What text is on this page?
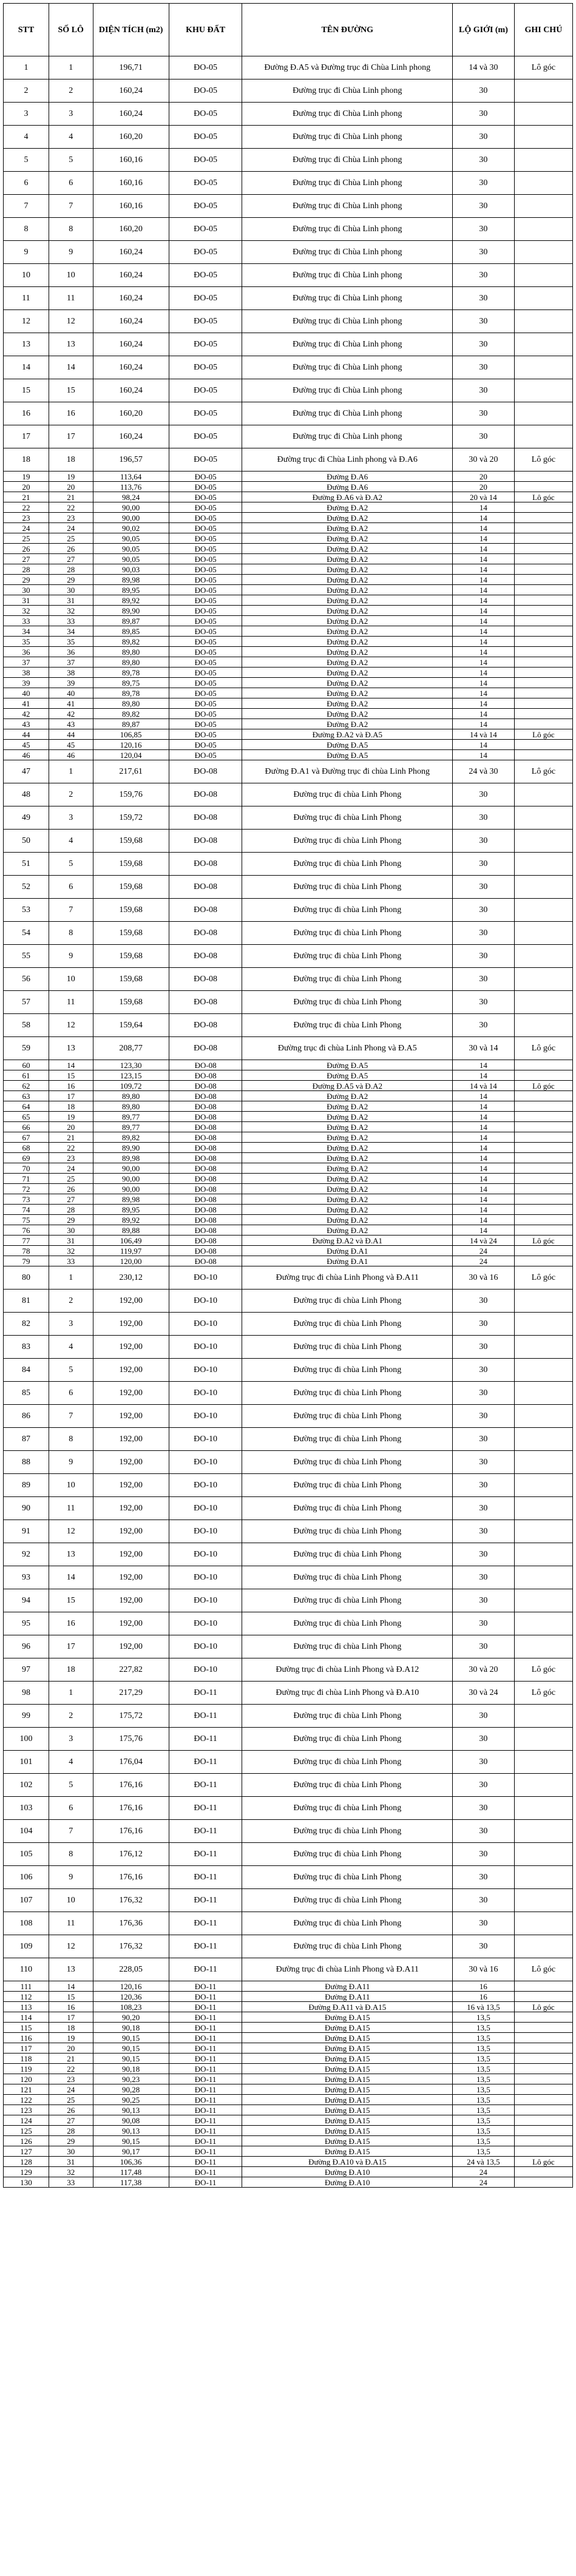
STT	SỐ LÔ	DIỆN TÍCH (m2)	KHU ĐẤT	TÊN ĐƯỜNG	LỘ GIỚI (m)	GHI CHÚ
1	1	196,71	ĐO-05	Đường Đ.A5 và Đường trục đi Chùa Linh phong	14 và 30	Lô góc
2	2	160,24	ĐO-05	Đường trục đi Chùa Linh phong	30	
3	3	160,24	ĐO-05	Đường trục đi Chùa Linh phong	30	
4	4	160,20	ĐO-05	Đường trục đi Chùa Linh phong	30	
5	5	160,16	ĐO-05	Đường trục đi Chùa Linh phong	30	
6	6	160,16	ĐO-05	Đường trục đi Chùa Linh phong	30	
7	7	160,16	ĐO-05	Đường trục đi Chùa Linh phong	30	
8	8	160,20	ĐO-05	Đường trục đi Chùa Linh phong	30	
9	9	160,24	ĐO-05	Đường trục đi Chùa Linh phong	30	
10	10	160,24	ĐO-05	Đường trục đi Chùa Linh phong	30	
11	11	160,24	ĐO-05	Đường trục đi Chùa Linh phong	30	
12	12	160,24	ĐO-05	Đường trục đi Chùa Linh phong	30	
13	13	160,24	ĐO-05	Đường trục đi Chùa Linh phong	30	
14	14	160,24	ĐO-05	Đường trục đi Chùa Linh phong	30	
15	15	160,24	ĐO-05	Đường trục đi Chùa Linh phong	30	
16	16	160,20	ĐO-05	Đường trục đi Chùa Linh phong	30	
17	17	160,24	ĐO-05	Đường trục đi Chùa Linh phong	30	
18	18	196,57	ĐO-05	Đường trục đi Chùa Linh phong và Đ.A6	30 và 20	Lô góc
19	19	113,64	ĐO-05	Đường Đ.A6	20	
20	20	113,76	ĐO-05	Đường Đ.A6	20	
21	21	98,24	ĐO-05	Đường Đ.A6 và Đ.A2	20 và 14	Lô góc
22	22	90,00	ĐO-05	Đường Đ.A2	14	
23	23	90,00	ĐO-05	Đường Đ.A2	14	
24	24	90,02	ĐO-05	Đường Đ.A2	14	
25	25	90,05	ĐO-05	Đường Đ.A2	14	
26	26	90,05	ĐO-05	Đường Đ.A2	14	
27	27	90,05	ĐO-05	Đường Đ.A2	14	
28	28	90,03	ĐO-05	Đường Đ.A2	14	
29	29	89,98	ĐO-05	Đường Đ.A2	14	
30	30	89,95	ĐO-05	Đường Đ.A2	14	
31	31	89,92	ĐO-05	Đường Đ.A2	14	
32	32	89,90	ĐO-05	Đường Đ.A2	14	
33	33	89,87	ĐO-05	Đường Đ.A2	14	
34	34	89,85	ĐO-05	Đường Đ.A2	14	
35	35	89,82	ĐO-05	Đường Đ.A2	14	
36	36	89,80	ĐO-05	Đường Đ.A2	14	
37	37	89,80	ĐO-05	Đường Đ.A2	14	
38	38	89,78	ĐO-05	Đường Đ.A2	14	
39	39	89,75	ĐO-05	Đường Đ.A2	14	
40	40	89,78	ĐO-05	Đường Đ.A2	14	
41	41	89,80	ĐO-05	Đường Đ.A2	14	
42	42	89,82	ĐO-05	Đường Đ.A2	14	
43	43	89,87	ĐO-05	Đường Đ.A2	14	
44	44	106,85	ĐO-05	Đường Đ.A2 và Đ.A5	14 và 14	Lô góc
45	45	120,16	ĐO-05	Đường Đ.A5	14	
46	46	120,04	ĐO-05	Đường Đ.A5	14	
47	1	217,61	ĐO-08	Đường Đ.A1 và Đường trục đi chùa Linh Phong	24 và 30	Lô góc
48	2	159,76	ĐO-08	Đường trục đi chùa Linh Phong	30	
49	3	159,72	ĐO-08	Đường trục đi chùa Linh Phong	30	
50	4	159,68	ĐO-08	Đường trục đi chùa Linh Phong	30	
51	5	159,68	ĐO-08	Đường trục đi chùa Linh Phong	30	
52	6	159,68	ĐO-08	Đường trục đi chùa Linh Phong	30	
53	7	159,68	ĐO-08	Đường trục đi chùa Linh Phong	30	
54	8	159,68	ĐO-08	Đường trục đi chùa Linh Phong	30	
55	9	159,68	ĐO-08	Đường trục đi chùa Linh Phong	30	
56	10	159,68	ĐO-08	Đường trục đi chùa Linh Phong	30	
57	11	159,68	ĐO-08	Đường trục đi chùa Linh Phong	30	
58	12	159,64	ĐO-08	Đường trục đi chùa Linh Phong	30	
59	13	208,77	ĐO-08	Đường trục đi chùa Linh Phong và Đ.A5	30 và 14	Lô góc
60	14	123,30	ĐO-08	Đường Đ.A5	14	
61	15	123,15	ĐO-08	Đường Đ.A5	14	
62	16	109,72	ĐO-08	Đường Đ.A5 và Đ.A2	14 và 14	Lô góc
63	17	89,80	ĐO-08	Đường Đ.A2	14	
64	18	89,80	ĐO-08	Đường Đ.A2	14	
65	19	89,77	ĐO-08	Đường Đ.A2	14	
66	20	89,77	ĐO-08	Đường Đ.A2	14	
67	21	89,82	ĐO-08	Đường Đ.A2	14	
68	22	89,90	ĐO-08	Đường Đ.A2	14	
69	23	89,98	ĐO-08	Đường Đ.A2	14	
70	24	90,00	ĐO-08	Đường Đ.A2	14	
71	25	90,00	ĐO-08	Đường Đ.A2	14	
72	26	90,00	ĐO-08	Đường Đ.A2	14	
73	27	89,98	ĐO-08	Đường Đ.A2	14	
74	28	89,95	ĐO-08	Đường Đ.A2	14	
75	29	89,92	ĐO-08	Đường Đ.A2	14	
76	30	89,88	ĐO-08	Đường Đ.A2	14	
77	31	106,49	ĐO-08	Đường Đ.A2 và Đ.A1	14 và 24	Lô góc
78	32	119,97	ĐO-08	Đường Đ.A1	24	
79	33	120,00	ĐO-08	Đường Đ.A1	24	
80	1	230,12	ĐO-10	Đường trục đi chùa Linh Phong và Đ.A11	30 và 16	Lô góc
81	2	192,00	ĐO-10	Đường trục đi chùa Linh Phong	30	
82	3	192,00	ĐO-10	Đường trục đi chùa Linh Phong	30	
83	4	192,00	ĐO-10	Đường trục đi chùa Linh Phong	30	
84	5	192,00	ĐO-10	Đường trục đi chùa Linh Phong	30	
85	6	192,00	ĐO-10	Đường trục đi chùa Linh Phong	30	
86	7	192,00	ĐO-10	Đường trục đi chùa Linh Phong	30	
87	8	192,00	ĐO-10	Đường trục đi chùa Linh Phong	30	
88	9	192,00	ĐO-10	Đường trục đi chùa Linh Phong	30	
89	10	192,00	ĐO-10	Đường trục đi chùa Linh Phong	30	
90	11	192,00	ĐO-10	Đường trục đi chùa Linh Phong	30	
91	12	192,00	ĐO-10	Đường trục đi chùa Linh Phong	30	
92	13	192,00	ĐO-10	Đường trục đi chùa Linh Phong	30	
93	14	192,00	ĐO-10	Đường trục đi chùa Linh Phong	30	
94	15	192,00	ĐO-10	Đường trục đi chùa Linh Phong	30	
95	16	192,00	ĐO-10	Đường trục đi chùa Linh Phong	30	
96	17	192,00	ĐO-10	Đường trục đi chùa Linh Phong	30	
97	18	227,82	ĐO-10	Đường trục đi chùa Linh Phong và Đ.A12	30 và 20	Lô góc
98	1	217,29	ĐO-11	Đường trục đi chùa Linh Phong và Đ.A10	30 và 24	Lô góc
99	2	175,72	ĐO-11	Đường trục đi chùa Linh Phong	30	
100	3	175,76	ĐO-11	Đường trục đi chùa Linh Phong	30	
101	4	176,04	ĐO-11	Đường trục đi chùa Linh Phong	30	
102	5	176,16	ĐO-11	Đường trục đi chùa Linh Phong	30	
103	6	176,16	ĐO-11	Đường trục đi chùa Linh Phong	30	
104	7	176,16	ĐO-11	Đường trục đi chùa Linh Phong	30	
105	8	176,12	ĐO-11	Đường trục đi chùa Linh Phong	30	
106	9	176,16	ĐO-11	Đường trục đi chùa Linh Phong	30	
107	10	176,32	ĐO-11	Đường trục đi chùa Linh Phong	30	
108	11	176,36	ĐO-11	Đường trục đi chùa Linh Phong	30	
109	12	176,32	ĐO-11	Đường trục đi chùa Linh Phong	30	
110	13	228,05	ĐO-11	Đường trục đi chùa Linh Phong và Đ.A11	30 và 16	Lô góc
111	14	120,16	ĐO-11	Đường Đ.A11	16	
112	15	120,36	ĐO-11	Đường Đ.A11	16	
113	16	108,23	ĐO-11	Đường Đ.A11 và Đ.A15	16 và 13,5	Lô góc
114	17	90,20	ĐO-11	Đường Đ.A15	13,5	
115	18	90,18	ĐO-11	Đường Đ.A15	13,5	
116	19	90,15	ĐO-11	Đường Đ.A15	13,5	
117	20	90,15	ĐO-11	Đường Đ.A15	13,5	
118	21	90,15	ĐO-11	Đường Đ.A15	13,5	
119	22	90,18	ĐO-11	Đường Đ.A15	13,5	
120	23	90,23	ĐO-11	Đường Đ.A15	13,5	
121	24	90,28	ĐO-11	Đường Đ.A15	13,5	
122	25	90,25	ĐO-11	Đường Đ.A15	13,5	
123	26	90,13	ĐO-11	Đường Đ.A15	13,5	
124	27	90,08	ĐO-11	Đường Đ.A15	13,5	
125	28	90,13	ĐO-11	Đường Đ.A15	13,5	
126	29	90,15	ĐO-11	Đường Đ.A15	13,5	
127	30	90,17	ĐO-11	Đường Đ.A15	13,5	
128	31	106,36	ĐO-11	Đường Đ.A10 và Đ.A15	24 và 13,5	Lô góc
129	32	117,48	ĐO-11	Đường Đ.A10	24	
130	33	117,38	ĐO-11	Đường Đ.A10	24	
